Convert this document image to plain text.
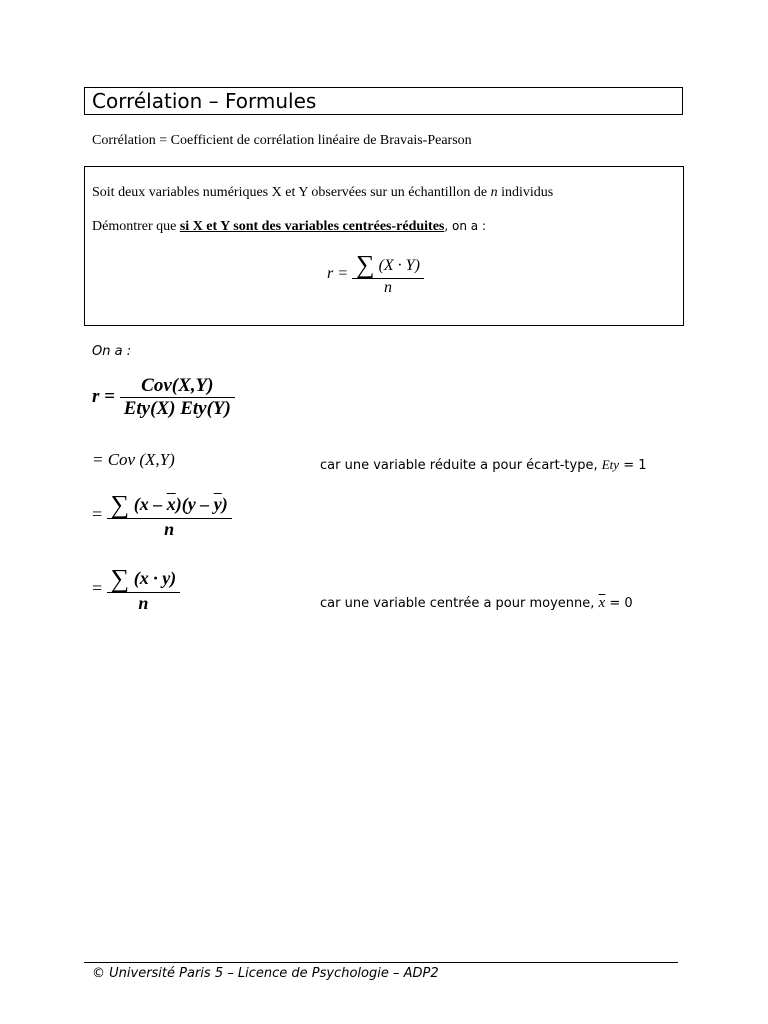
Corrélation – Formules
Corrélation = Coefficient de corrélation linéaire de Bravais-Pearson
Soit deux variables numériques X et Y observées sur un échantillon de n individus
Démontrer que si X et Y sont des variables centrées-réduites, on a :
$r = \frac{\sum (X \cdot Y)}{n}$
On a :
$r = \frac{\text{Cov(X,Y)}}{\text{Ety(X) Ety(Y)}}$
= Cov (X,Y)	car une variable réduite a pour écart-type, Ety = 1
= $\frac{\sum (x - \overline{x})(y - \overline{y})}{n}$
= $\frac{\sum (x \cdot y)}{n}$	car une variable centrée a pour moyenne, $\overline{x} = 0$
© Université Paris 5 – Licence de Psychologie – ADP2
